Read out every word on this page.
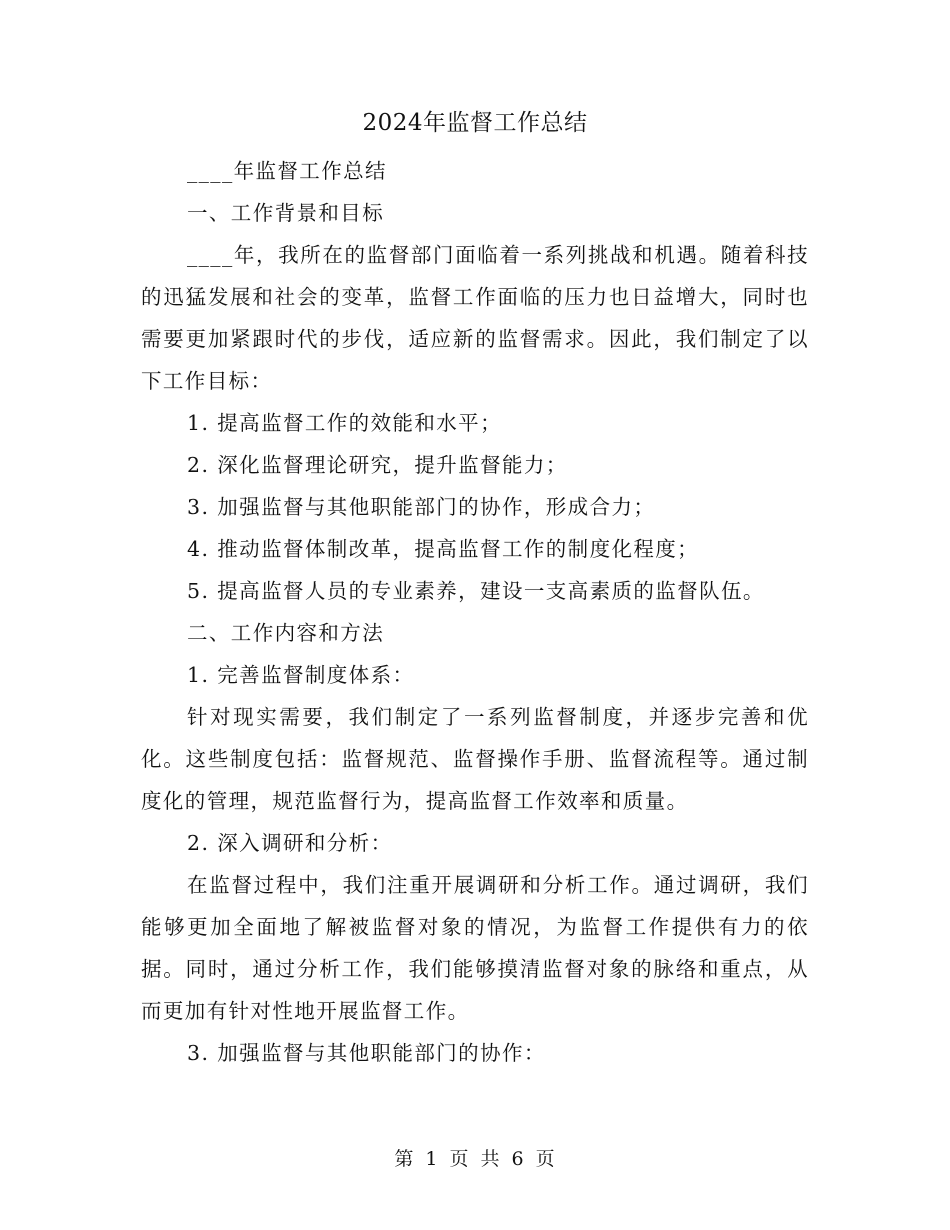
2024年监督工作总结

____年监督工作总结

一、工作背景和目标

____年，我所在的监督部门面临着一系列挑战和机遇。随着科技的迅猛发展和社会的变革，监督工作面临的压力也日益增大，同时也需要更加紧跟时代的步伐，适应新的监督需求。因此，我们制定了以下工作目标：

1. 提高监督工作的效能和水平；

2. 深化监督理论研究，提升监督能力；

3. 加强监督与其他职能部门的协作，形成合力；

4. 推动监督体制改革，提高监督工作的制度化程度；

5. 提高监督人员的专业素养，建设一支高素质的监督队伍。

二、工作内容和方法

1. 完善监督制度体系：

针对现实需要，我们制定了一系列监督制度，并逐步完善和优化。这些制度包括：监督规范、监督操作手册、监督流程等。通过制度化的管理，规范监督行为，提高监督工作效率和质量。

2. 深入调研和分析：

在监督过程中，我们注重开展调研和分析工作。通过调研，我们能够更加全面地了解被监督对象的情况，为监督工作提供有力的依据。同时，通过分析工作，我们能够摸清监督对象的脉络和重点，从而更加有针对性地开展监督工作。

3. 加强监督与其他职能部门的协作：

第 1 页 共 6 页
